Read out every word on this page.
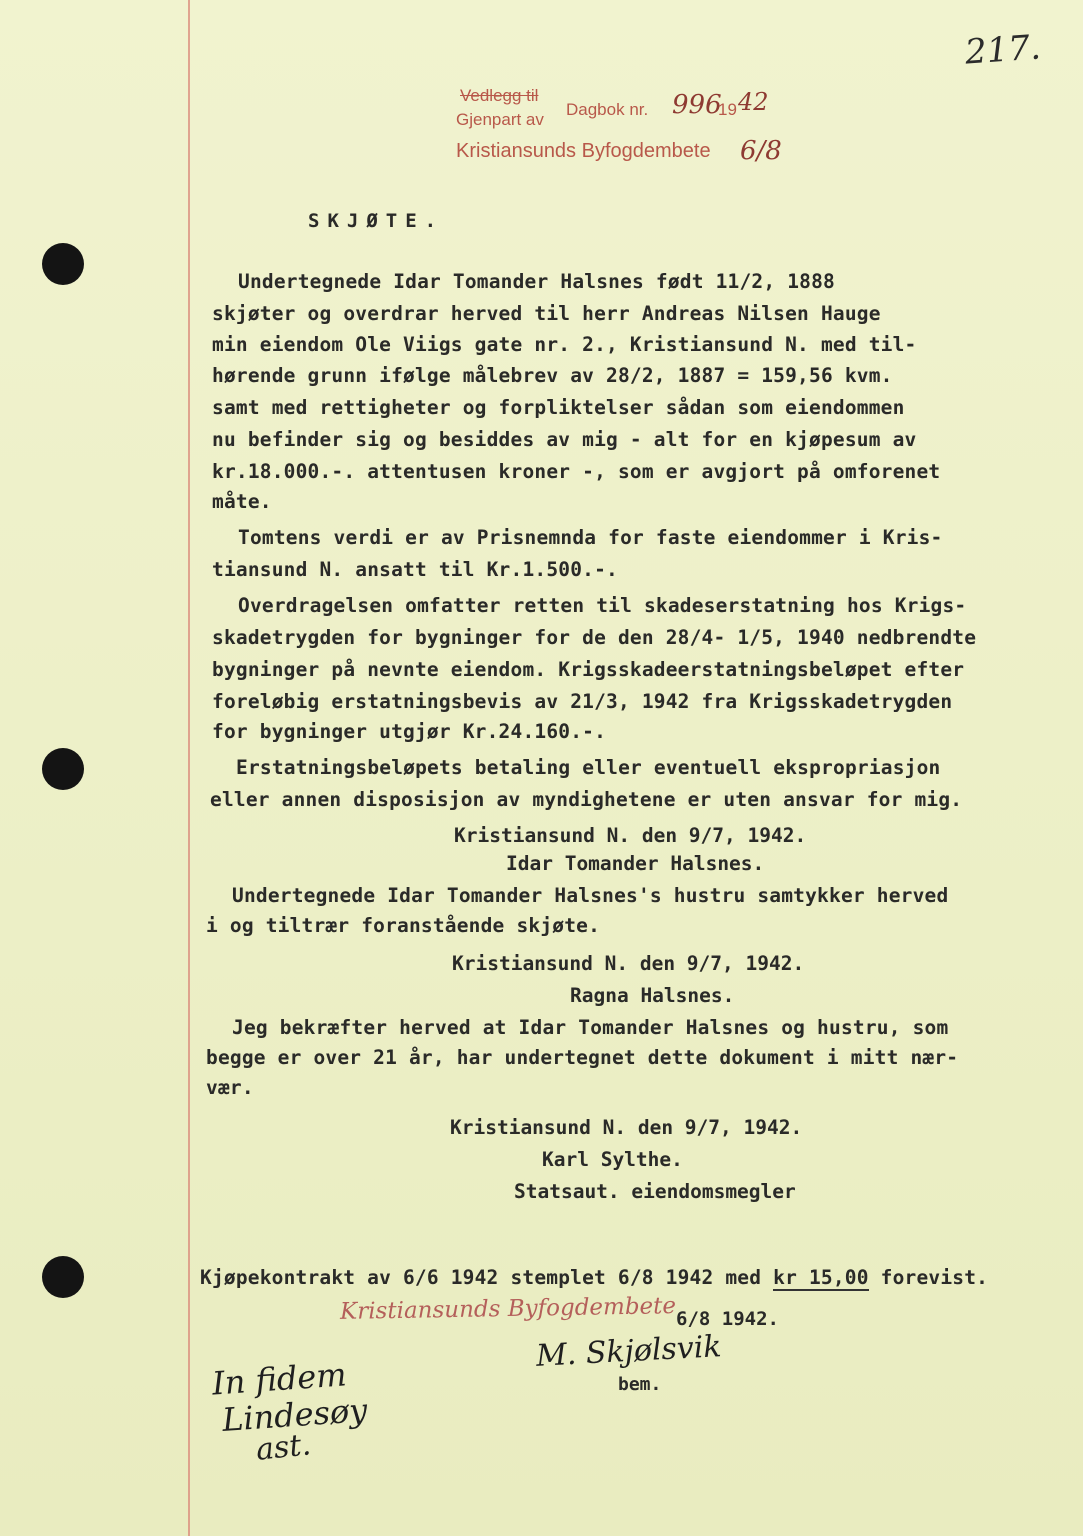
217.
Vedlegg til
Gjenpart av
Dagbok nr. 996
19 42
Kristiansunds Byfogdembete 6/8
SKJØTE.
Undertegnede Idar Tomander Halsnes født 11/2, 1888
skjøter og overdrar herved til herr Andreas Nilsen Hauge
min eiendom Ole Viigs gate nr. 2., Kristiansund N. med til-
hørende grunn ifølge målebrev av 28/2, 1887 = 159,56 kvm.
samt med rettigheter og forpliktelser sådan som eiendommen
nu befinder sig og besiddes av mig - alt for en kjøpesum av
kr.18.000.-. attentusen kroner -, som er avgjort på omforenet
måte.
Tomtens verdi er av Prisnemnda for faste eiendommer i Kris-
tiansund N. ansatt til Kr.1.500.-.
Overdragelsen omfatter retten til skadeserstatning hos Krigs-
skadetrygden for bygninger for de den 28/4- 1/5, 1940 nedbrendte
bygninger på nevnte eiendom. Krigsskadeerstatningsbeløpet efter
foreløbig erstatningsbevis av 21/3, 1942 fra Krigsskadetrygden
for bygninger utgjør Kr.24.160.-.
Erstatningsbeløpets betaling eller eventuell ekspropriasjon
eller annen disposisjon av myndighetene er uten ansvar for mig.
Kristiansund N. den 9/7, 1942.
Idar Tomander Halsnes.
Undertegnede Idar Tomander Halsnes's hustru samtykker herved
i og tiltrær foranstående skjøte.
Kristiansund N. den 9/7, 1942.
Ragna Halsnes.
Jeg bekræfter herved at Idar Tomander Halsnes og hustru, som
begge er over 21 år, har undertegnet dette dokument i mitt nær-
vær.
Kristiansund N. den 9/7, 1942.
Karl Sylthe.
Statsaut. eiendomsmegler
Kjøpekontrakt av 6/6 1942 stemplet 6/8 1942 med kr 15,00 forevist.
Kristiansunds Byfogdembete 6/8 1942.
M. Skjølsvik
bem.
In fidem
Lindesøy
ast.
